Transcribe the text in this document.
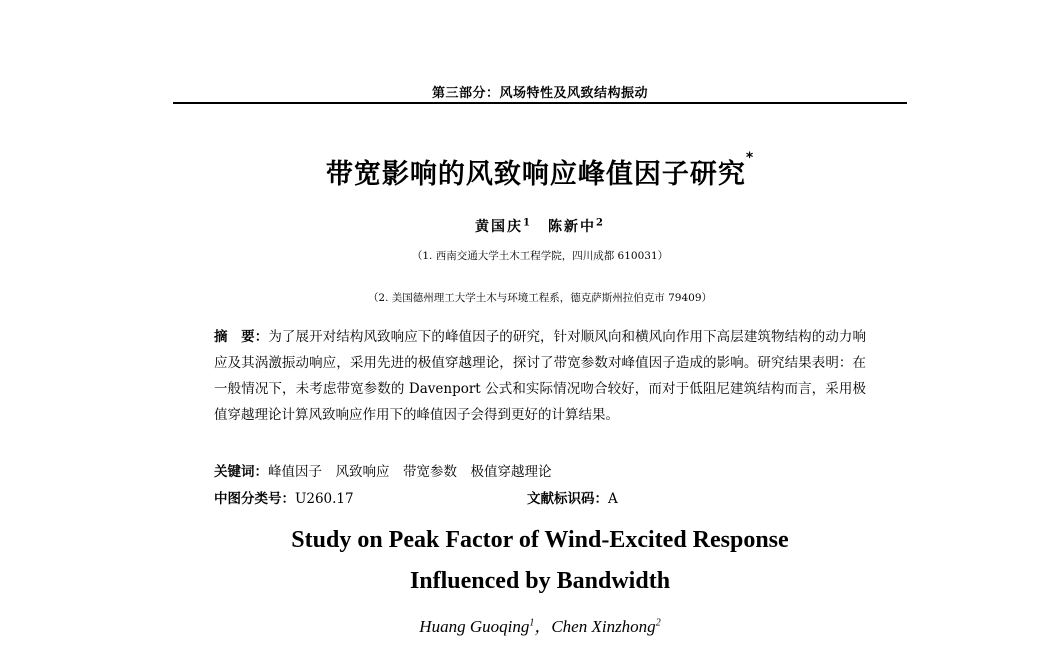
第三部分：风场特性及风致结构振动
带宽影响的风致响应峰值因子研究*
黄国庆$^1$ 陈新中$^2$
（1. 西南交通大学土木工程学院，四川成都 610031）
（2. 美国德州理工大学土木与环境工程系，德克萨斯州拉伯克市 79409）
摘　要：为了展开对结构风致响应下的峰值因子的研究，针对顺风向和横风向作用下高层建筑物结构的动力响应及其涡激振动响应，采用先进的极值穿越理论，探讨了带宽参数对峰值因子造成的影响。研究结果表明：在一般情况下，未考虑带宽参数的 Davenport 公式和实际情况吻合较好，而对于低阻尼建筑结构而言，采用极值穿越理论计算风致响应作用下的峰值因子会得到更好的计算结果。
关键词：峰值因子　风致响应　带宽参数　极值穿越理论
中图分类号：U260.17	文献标识码：A
Study on Peak Factor of Wind-Excited Response
Influenced by Bandwidth
Huang Guoqing$^1$，Chen Xinzhong$^2$
